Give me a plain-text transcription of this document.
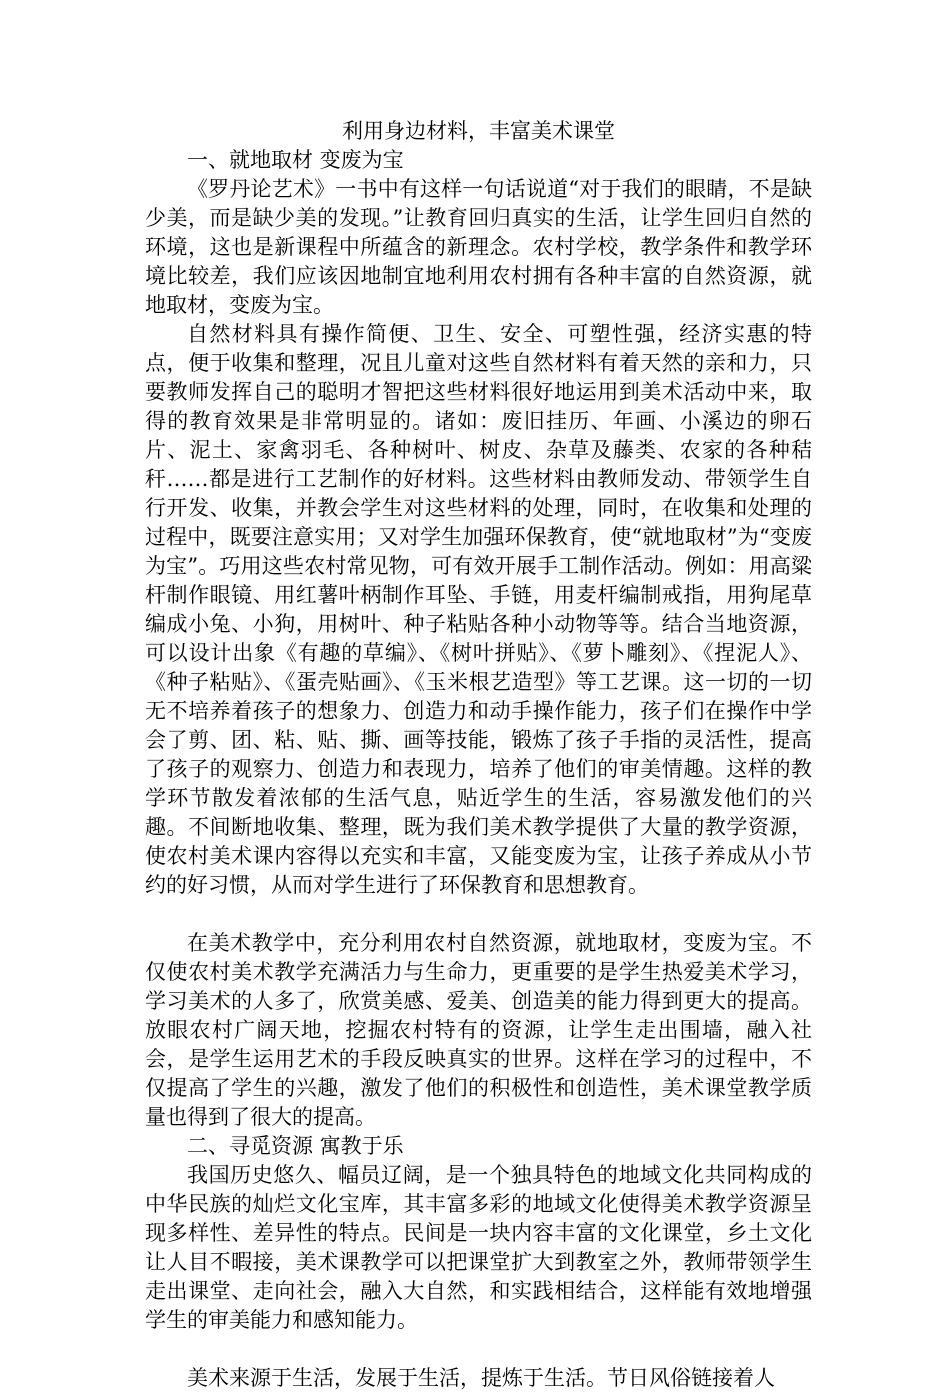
利用身边材料，丰富美术课堂

一、就地取材 变废为宝

《罗丹论艺术》一书中有这样一句话说道“对于我们的眼睛，不是缺少美，而是缺少美的发现。”让教育回归真实的生活，让学生回归自然的环境，这也是新课程中所蕴含的新理念。农村学校，教学条件和教学环境比较差，我们应该因地制宜地利用农村拥有各种丰富的自然资源，就地取材，变废为宝。

自然材料具有操作简便、卫生、安全、可塑性强，经济实惠的特点，便于收集和整理，况且儿童对这些自然材料有着天然的亲和力，只要教师发挥自己的聪明才智把这些材料很好地运用到美术活动中来，取得的教育效果是非常明显的。诸如：废旧挂历、年画、小溪边的卵石片、泥土、家禽羽毛、各种树叶、树皮、杂草及藤类、农家的各种秸秆……都是进行工艺制作的好材料。这些材料由教师发动、带领学生自行开发、收集，并教会学生对这些材料的处理，同时，在收集和处理的过程中，既要注意实用；又对学生加强环保教育，使“就地取材”为“变废为宝”。巧用这些农村常见物，可有效开展手工制作活动。例如：用高粱杆制作眼镜、用红薯叶柄制作耳坠、手链，用麦杆编制戒指，用狗尾草编成小兔、小狗，用树叶、种子粘贴各种小动物等等。结合当地资源，可以设计出象《有趣的草编》、《树叶拼贴》、《萝卜雕刻》、《捏泥人》、《种子粘贴》、《蛋壳贴画》、《玉米根艺造型》等工艺课。这一切的一切无不培养着孩子的想象力、创造力和动手操作能力，孩子们在操作中学会了剪、团、粘、贴、撕、画等技能，锻炼了孩子手指的灵活性，提高了孩子的观察力、创造力和表现力，培养了他们的审美情趣。这样的教学环节散发着浓郁的生活气息，贴近学生的生活，容易激发他们的兴趣。不间断地收集、整理，既为我们美术教学提供了大量的教学资源，使农村美术课内容得以充实和丰富，又能变废为宝，让孩子养成从小节约的好习惯，从而对学生进行了环保教育和思想教育。

在美术教学中，充分利用农村自然资源，就地取材，变废为宝。不仅使农村美术教学充满活力与生命力，更重要的是学生热爱美术学习，学习美术的人多了，欣赏美感、爱美、创造美的能力得到更大的提高。放眼农村广阔天地，挖掘农村特有的资源，让学生走出围墙，融入社会，是学生运用艺术的手段反映真实的世界。这样在学习的过程中，不仅提高了学生的兴趣，激发了他们的积极性和创造性，美术课堂教学质量也得到了很大的提高。

二、寻觅资源 寓教于乐

我国历史悠久、幅员辽阔，是一个独具特色的地域文化共同构成的中华民族的灿烂文化宝库，其丰富多彩的地域文化使得美术教学资源呈现多样性、差异性的特点。民间是一块内容丰富的文化课堂，乡土文化让人目不暇接，美术课教学可以把课堂扩大到教室之外，教师带领学生走出课堂、走向社会，融入大自然，和实践相结合，这样能有效地增强学生的审美能力和感知能力。

美术来源于生活，发展于生活，提炼于生活。节日风俗链接着人
